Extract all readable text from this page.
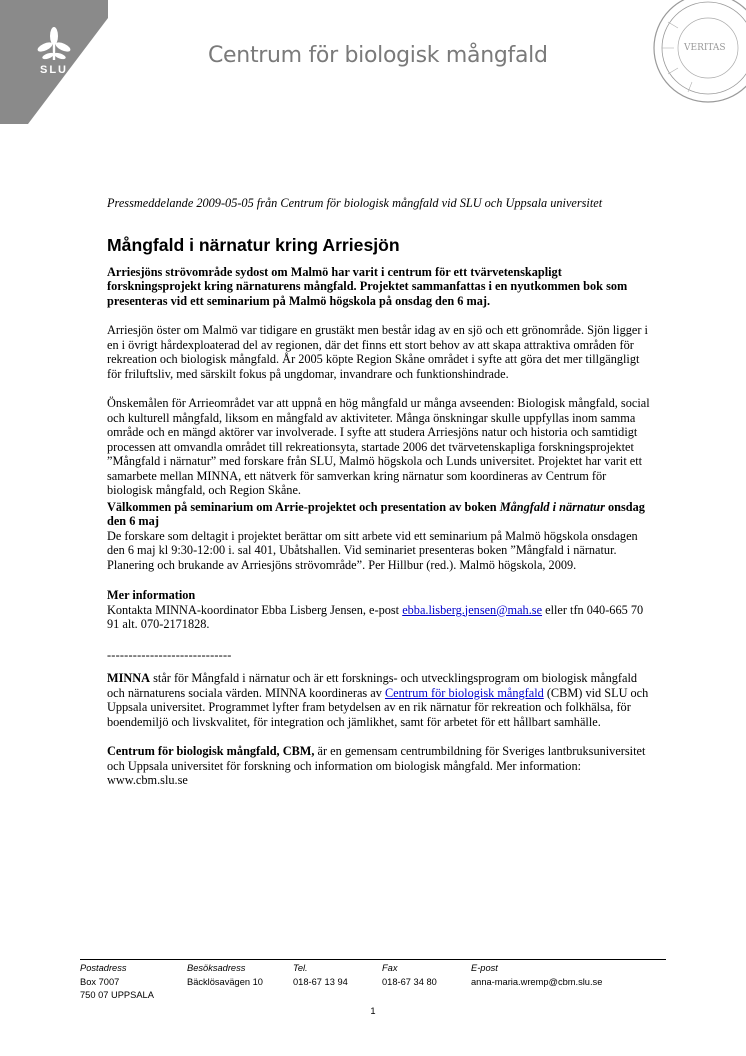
SLU
Centrum för biologisk mångfald	VERITAS

Pressmeddelande 2009-05-05 från Centrum för biologisk mångfald vid SLU och Uppsala universitet

Mångfald i närnatur kring Arriesjön

Arriesjöns strövområde sydost om Malmö har varit i centrum för ett tvärvetenskapligt forskningsprojekt kring närnaturens mångfald. Projektet sammanfattas i en nyutkommen bok som presenteras vid ett seminarium på Malmö högskola på onsdag den 6 maj.

Arriesjön öster om Malmö var tidigare en grustäkt men består idag av en sjö och ett grönområde. Sjön ligger i en i övrigt hårdexploaterad del av regionen, där det finns ett stort behov av att skapa attraktiva områden för rekreation och biologisk mångfald. År 2005 köpte Region Skåne området i syfte att göra det mer tillgängligt för friluftsliv, med särskilt fokus på ungdomar, invandrare och funktionshindrade.

Önskemålen för Arrieområdet var att uppnå en hög mångfald ur många avseenden: Biologisk mångfald, social och kulturell mångfald, liksom en mångfald av aktiviteter. Många önskningar skulle uppfyllas inom samma område och en mängd aktörer var involverade. I syfte att studera Arriesjöns natur och historia och samtidigt processen att omvandla området till rekreationsyta, startade 2006 det tvärvetenskapliga forskningsprojektet ”Mångfald i närnatur” med forskare från SLU, Malmö högskola och Lunds universitet. Projektet har varit ett samarbete mellan MINNA, ett nätverk för samverkan kring närnatur som koordineras av Centrum för biologisk mångfald, och Region Skåne.

Välkommen på seminarium om Arrie-projektet och presentation av boken Mångfald i närnatur onsdag den 6 maj

De forskare som deltagit i projektet berättar om sitt arbete vid ett seminarium på Malmö högskola onsdagen den 6 maj kl 9:30-12:00 i. sal 401, Ubåtshallen. Vid seminariet presenteras boken ”Mångfald i närnatur. Planering och brukande av Arriesjöns strövområde”. Per Hillbur (red.). Malmö högskola, 2009.

Mer information

Kontakta MINNA-koordinator Ebba Lisberg Jensen, e-post ebba.lisberg.jensen@mah.se eller tfn 040-665 70 91 alt. 070-2171828.

-----------------------------

MINNA står för Mångfald i närnatur och är ett forsknings- och utvecklingsprogram om biologisk mångfald och närnaturens sociala värden. MINNA koordineras av Centrum för biologisk mångfald (CBM) vid SLU och Uppsala universitet. Programmet lyfter fram betydelsen av en rik närnatur för rekreation och folkhälsa, för boendemiljö och livskvalitet, för integration och jämlikhet, samt för arbetet för ett hållbart samhälle.

Centrum för biologisk mångfald, CBM, är en gemensam centrumbildning för Sveriges lantbruksuniversitet och Uppsala universitet för forskning och information om biologisk mångfald. Mer information: www.cbm.slu.se

Postadress
Box 7007
750 07 UPPSALA
Besöksadress
Bäcklösavägen 10
Tel.
018-67 13 94
Fax
018-67 34 80
E-post
anna-maria.wremp@cbm.slu.se
1
